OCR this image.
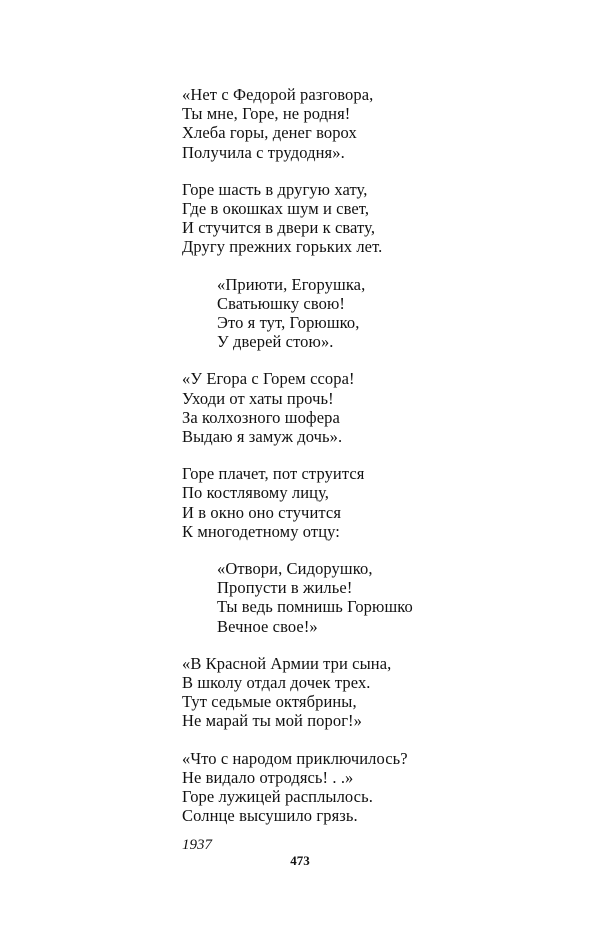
«Нет с Федорой разговора,
Ты мне, Горе, не родня!
Хлеба горы, денег ворох
Получила с трудодня».
Горе шасть в другую хату,
Где в окошках шум и свет,
И стучится в двери к свату,
Другу прежних горьких лет.
«Приюти, Егорушка,
Сватьюшку свою!
Это я тут, Горюшко,
У дверей стою».
«У Егора с Горем ссора!
Уходи от хаты прочь!
За колхозного шофера
Выдаю я замуж дочь».
Горе плачет, пот струится
По костлявому лицу,
И в окно оно стучится
К многодетному отцу:
«Отвори, Сидорушко,
Пропусти в жилье!
Ты ведь помнишь Горюшко
Вечное свое!»
«В Красной Армии три сына,
В школу отдал дочек трех.
Тут седьмые октябрины,
Не марай ты мой порог!»
«Что с народом приключилось?
Не видало отродясь! . .»
Горе лужицей расплылось.
Солнце высушило грязь.
1937
473
